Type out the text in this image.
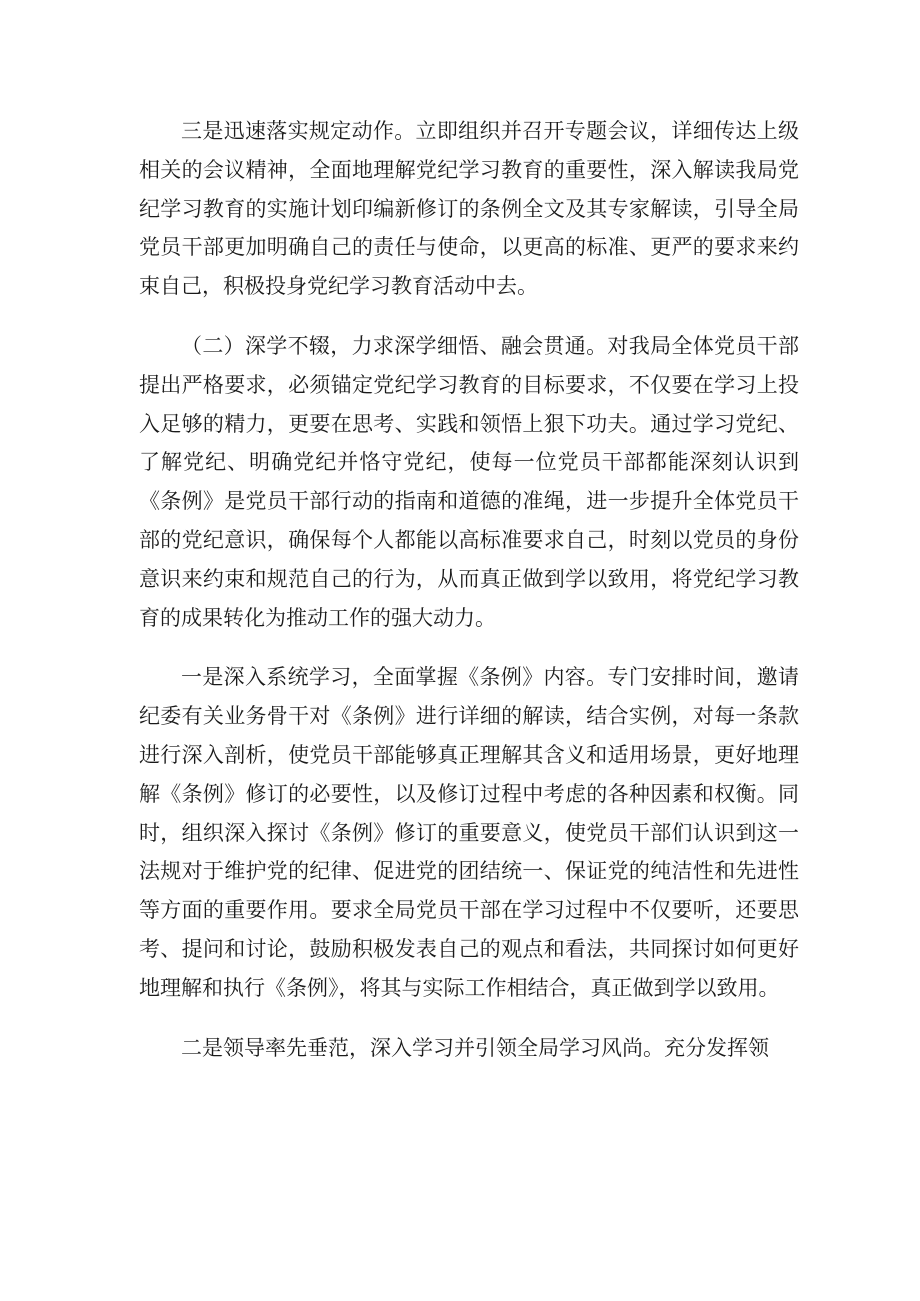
三是迅速落实规定动作。立即组织并召开专题会议，详细传达上级相关的会议精神，全面地理解党纪学习教育的重要性，深入解读我局党纪学习教育的实施计划印编新修订的条例全文及其专家解读，引导全局党员干部更加明确自己的责任与使命，以更高的标准、更严的要求来约束自己，积极投身党纪学习教育活动中去。

（二）深学不辍，力求深学细悟、融会贯通。对我局全体党员干部提出严格要求，必须锚定党纪学习教育的目标要求，不仅要在学习上投入足够的精力，更要在思考、实践和领悟上狠下功夫。通过学习党纪、了解党纪、明确党纪并恪守党纪，使每一位党员干部都能深刻认识到《条例》是党员干部行动的指南和道德的准绳，进一步提升全体党员干部的党纪意识，确保每个人都能以高标准要求自己，时刻以党员的身份意识来约束和规范自己的行为，从而真正做到学以致用，将党纪学习教育的成果转化为推动工作的强大动力。

一是深入系统学习，全面掌握《条例》内容。专门安排时间，邀请纪委有关业务骨干对《条例》进行详细的解读，结合实例，对每一条款进行深入剖析，使党员干部能够真正理解其含义和适用场景，更好地理解《条例》修订的必要性，以及修订过程中考虑的各种因素和权衡。同时，组织深入探讨《条例》修订的重要意义，使党员干部们认识到这一法规对于维护党的纪律、促进党的团结统一、保证党的纯洁性和先进性等方面的重要作用。要求全局党员干部在学习过程中不仅要听，还要思考、提问和讨论，鼓励积极发表自己的观点和看法，共同探讨如何更好地理解和执行《条例》，将其与实际工作相结合，真正做到学以致用。

二是领导率先垂范，深入学习并引领全局学习风尚。充分发挥领
